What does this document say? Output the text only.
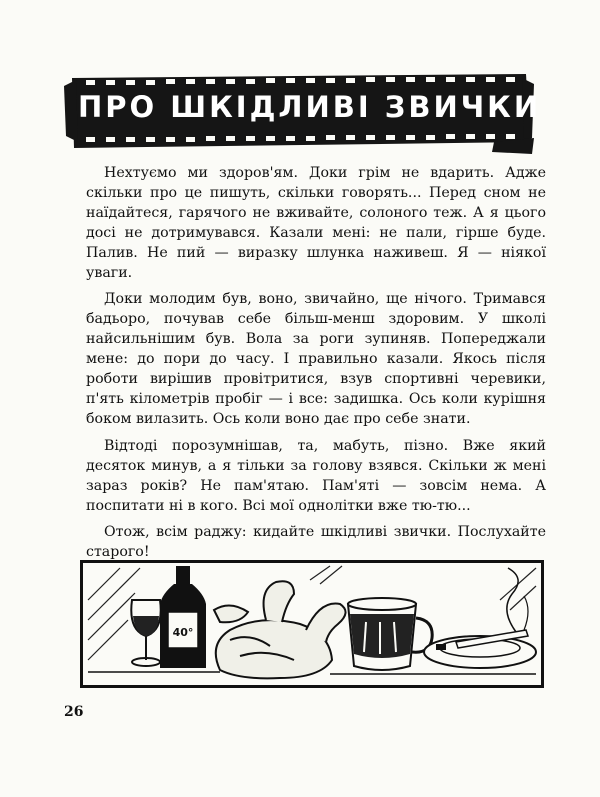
ПРО ШКІДЛИВІ ЗВИЧКИ

Нехтуємо ми здоров'ям. Доки грім не вдарить. Адже скільки про це пишуть, скільки говорять... Перед сном не наїдайтеся, гарячого не вживайте, солоного теж. А я цього досі не дотримувався. Казали мені: не пали, гірше буде. Палив. Не пий — виразку шлунка наживеш. Я — ніякої уваги.

Доки молодим був, воно, звичайно, ще нічого. Тримався бадьоро, почував себе більш-менш здоровим. У школі найсильнішим був. Вола за роги зупиняв. Попереджали мене: до пори до часу. І правильно казали. Якось після роботи вирішив провітритися, взув спортивні черевики, п'ять кілометрів пробіг — і все: задишка. Ось коли курішня боком вилазить. Ось коли воно дає про себе знати.

Відтоді порозумнішав, та, мабуть, пізно. Вже який десяток минув, а я тільки за голову взявся. Скільки ж мені зараз років? Не пам'ятаю. Пам'яті — зовсім нема. А поспитати ні в кого. Всі мої однолітки вже тю-тю...

Отож, всім раджу: кидайте шкідливі звички. Послухайте старого!

40°
26
